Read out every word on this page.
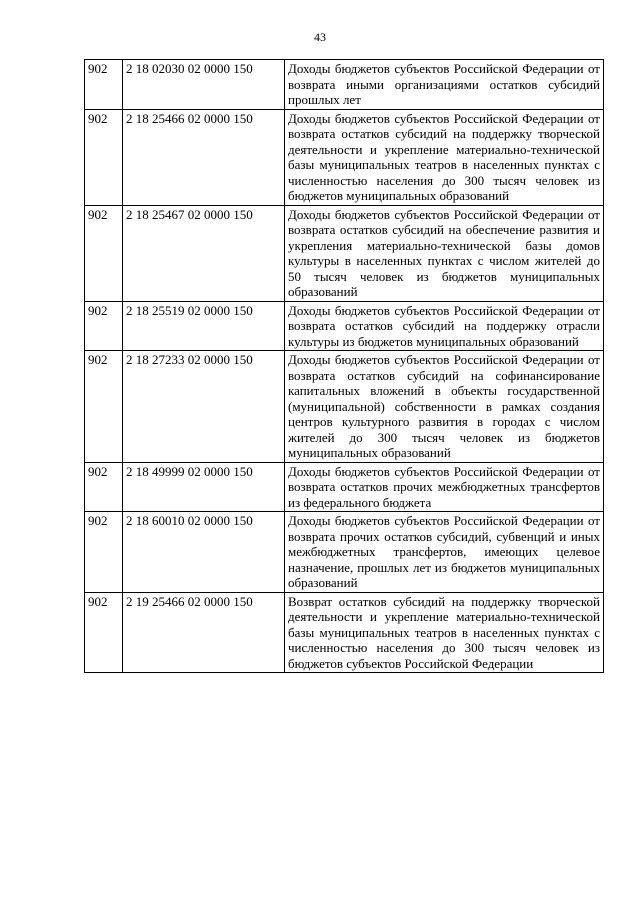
43
902	2 18 02030 02 0000 150	Доходы бюджетов субъектов Российской Федерации от возврата иными организациями остатков субсидий прошлых лет
902	2 18 25466 02 0000 150	Доходы бюджетов субъектов Российской Федерации от возврата остатков субсидий на поддержку творческой деятельности и укрепление материально-технической базы муниципальных театров в населенных пунктах с численностью населения до 300 тысяч человек из бюджетов муниципальных образований
902	2 18 25467 02 0000 150	Доходы бюджетов субъектов Российской Федерации от возврата остатков субсидий на обеспечение развития и укрепления материально-технической базы домов культуры в населенных пунктах с числом жителей до 50 тысяч человек из бюджетов муниципальных образований
902	2 18 25519 02 0000 150	Доходы бюджетов субъектов Российской Федерации от возврата остатков субсидий на поддержку отрасли культуры из бюджетов муниципальных образований
902	2 18 27233 02 0000 150	Доходы бюджетов субъектов Российской Федерации от возврата остатков субсидий на софинансирование капитальных вложений в объекты государственной (муниципальной) собственности в рамках создания центров культурного развития в городах с числом жителей до 300 тысяч человек из бюджетов муниципальных образований
902	2 18 49999 02 0000 150	Доходы бюджетов субъектов Российской Федерации от возврата остатков прочих межбюджетных трансфертов из федерального бюджета
902	2 18 60010 02 0000 150	Доходы бюджетов субъектов Российской Федерации от возврата прочих остатков субсидий, субвенций и иных межбюджетных трансфертов, имеющих целевое назначение, прошлых лет из бюджетов муниципальных образований
902	2 19 25466 02 0000 150	Возврат остатков субсидий на поддержку творческой деятельности и укрепление материально-технической базы муниципальных театров в населенных пунктах с численностью населения до 300 тысяч человек из бюджетов субъектов Российской Федерации
